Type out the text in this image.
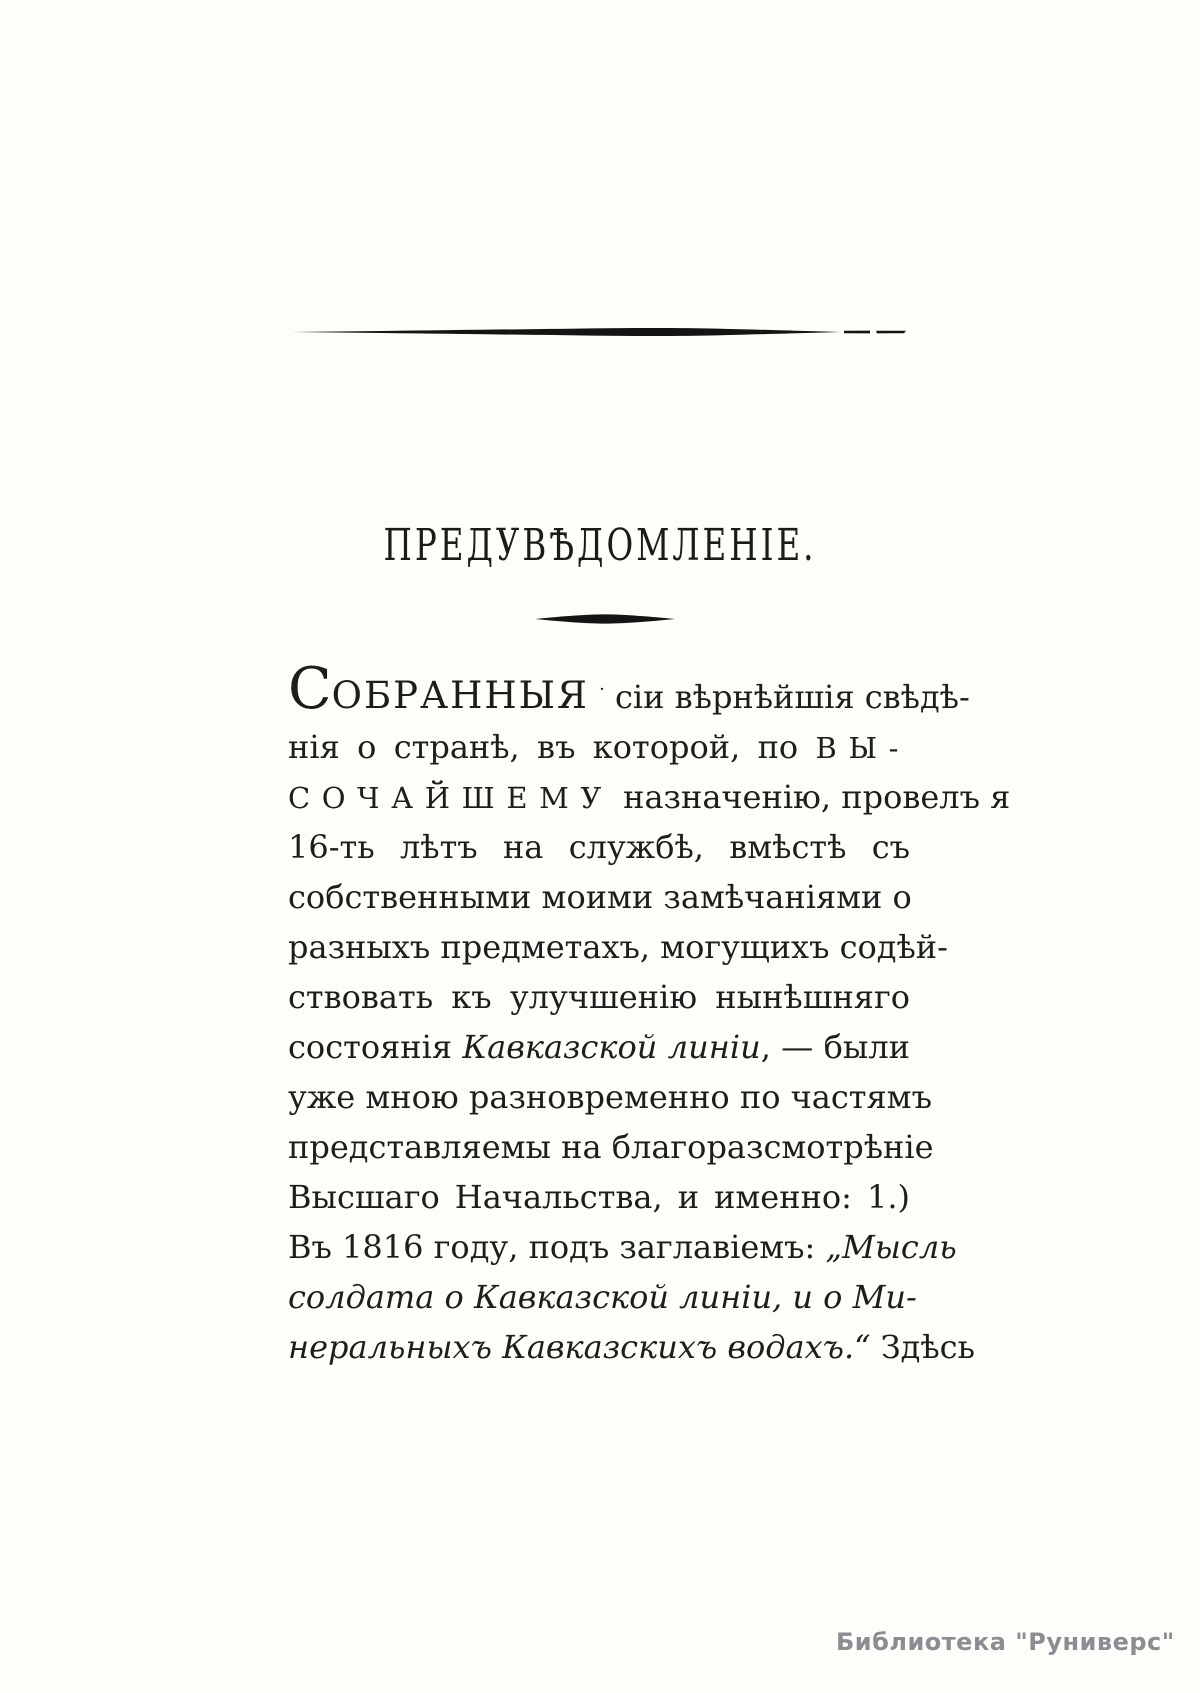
ПРЕДУВѢДОМЛЕНІЕ.
СОБРАННЫЯ · сіи вѣрнѣйшія свѣдѣ-
нія о странѣ, въ которой, по ВЫ-
СОЧАЙШЕМУ назначенію, провелъ я
16-ть лѣтъ на службѣ, вмѣстѣ съ
собственными моими замѣчаніями о
разныхъ предметахъ, могущихъ содѣй-
ствовать къ улучшенію нынѣшняго
состоянія Кавказской линіи, — были
уже мною разновременно по частямъ
представляемы на благоразсмотрѣніе
Высшаго Начальства, и именно: 1.)
Въ 1816 году, подъ заглавіемъ: „Мысль
солдата о Кавказской линіи, и о Ми-
неральныхъ Кавказскихъ водахъ.“ Здѣсь
Библиотека "Руниверс"
